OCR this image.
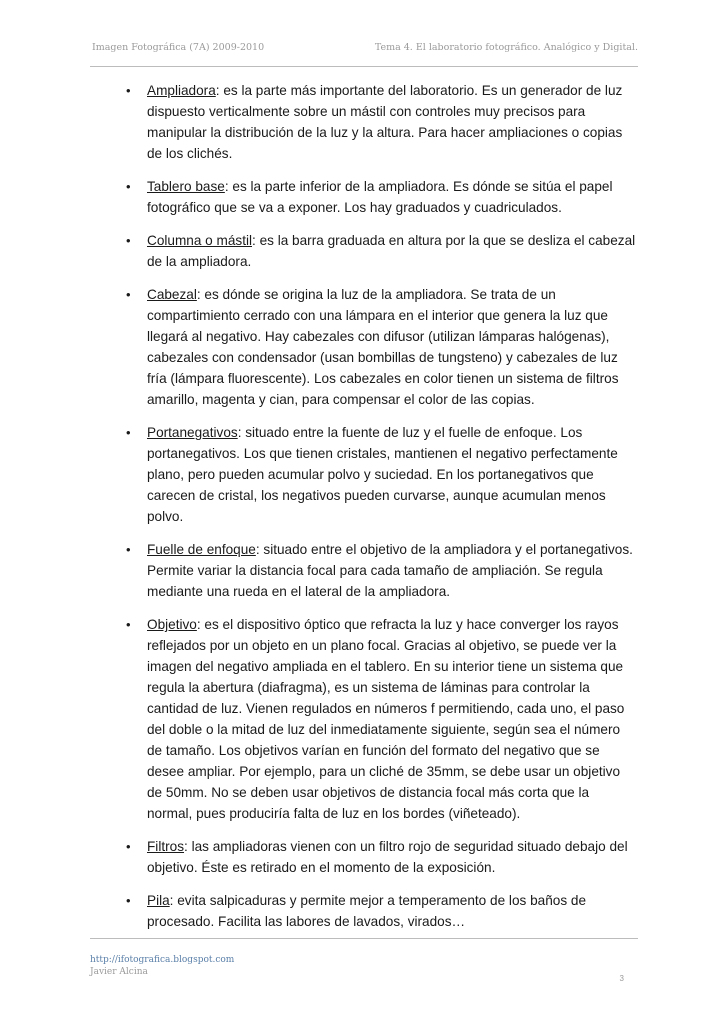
Imagen Fotográfica (7A) 2009-2010	Tema 4. El laboratorio fotográfico. Analógico y Digital.
• Ampliadora: es la parte más importante del laboratorio. Es un generador de luz dispuesto verticalmente sobre un mástil con controles muy precisos para manipular la distribución de la luz y la altura. Para hacer ampliaciones o copias de los clichés.
• Tablero base: es la parte inferior de la ampliadora. Es dónde se sitúa el papel fotográfico que se va a exponer. Los hay graduados y cuadriculados.
• Columna o mástil: es la barra graduada en altura por la que se desliza el cabezal de la ampliadora.
• Cabezal: es dónde se origina la luz de la ampliadora. Se trata de un compartimiento cerrado con una lámpara en el interior que genera la luz que llegará al negativo. Hay cabezales con difusor (utilizan lámparas halógenas), cabezales con condensador (usan bombillas de tungsteno) y cabezales de luz fría (lámpara fluorescente). Los cabezales en color tienen un sistema de filtros amarillo, magenta y cian, para compensar el color de las copias.
• Portanegativos: situado entre la fuente de luz y el fuelle de enfoque. Los portanegativos. Los que tienen cristales, mantienen el negativo perfectamente plano, pero pueden acumular polvo y suciedad. En los portanegativos que carecen de cristal, los negativos pueden curvarse, aunque acumulan menos polvo.
• Fuelle de enfoque: situado entre el objetivo de la ampliadora y el portanegativos. Permite variar la distancia focal para cada tamaño de ampliación. Se regula mediante una rueda en el lateral de la ampliadora.
• Objetivo: es el dispositivo óptico que refracta la luz y hace converger los rayos reflejados por un objeto en un plano focal. Gracias al objetivo, se puede ver la imagen del negativo ampliada en el tablero. En su interior tiene un sistema que regula la abertura (diafragma), es un sistema de láminas para controlar la cantidad de luz. Vienen regulados en números f permitiendo, cada uno, el paso del doble o la mitad de luz del inmediatamente siguiente, según sea el número de tamaño. Los objetivos varían en función del formato del negativo que se desee ampliar. Por ejemplo, para un cliché de 35mm, se debe usar un objetivo de 50mm. No se deben usar objetivos de distancia focal más corta que la normal, pues produciría falta de luz en los bordes (viñeteado).
• Filtros: las ampliadoras vienen con un filtro rojo de seguridad situado debajo del objetivo. Éste es retirado en el momento de la exposición.
• Pila: evita salpicaduras y permite mejor a temperamento de los baños de procesado. Facilita las labores de lavados, virados…
http://ifotografica.blogspot.com
Javier Alcina
3
